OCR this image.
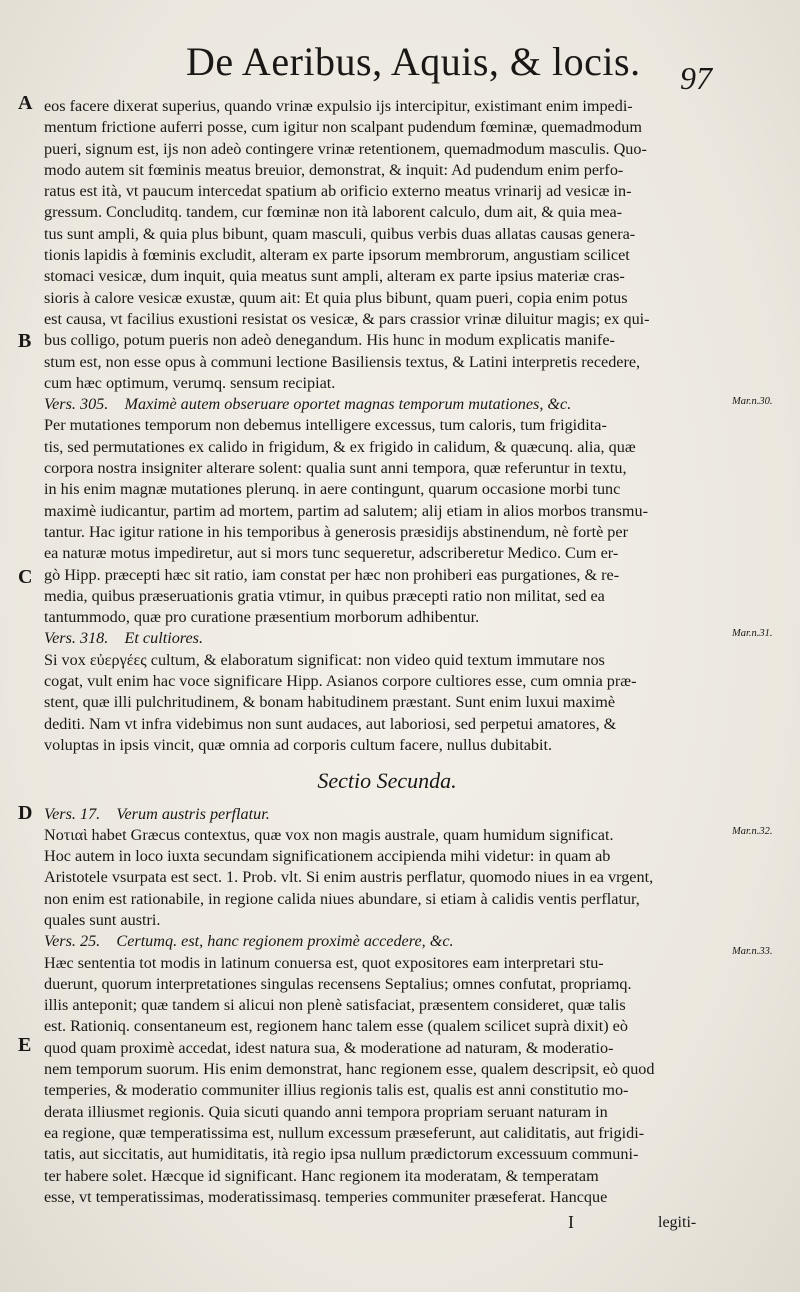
De Aeribus, Aquis, & locis. 97
A
B
C
D
E
Mar.n.30.
Mar.n.31.
Mar.n.32.
Mar.n.33.
eos facere dixerat superius, quando vrinæ expulsio ijs intercipitur, existimant enim impedi-
mentum frictione auferri posse, cum igitur non scalpant pudendum fœminæ, quemadmodum
pueri, signum est, ijs non adeò contingere vrinæ retentionem, quemadmodum masculis. Quo-
modo autem sit fœminis meatus breuior, demonstrat, & inquit: Ad pudendum enim perfo-
ratus est ità, vt paucum intercedat spatium ab orificio externo meatus vrinarij ad vesicæ in-
gressum. Concluditq. tandem, cur fœminæ non ità laborent calculo, dum ait, & quia mea-
tus sunt ampli, & quia plus bibunt, quam masculi, quibus verbis duas allatas causas genera-
tionis lapidis à fœminis excludit, alteram ex parte ipsorum membrorum, angustiam scilicet
stomaci vesicæ, dum inquit, quia meatus sunt ampli, alteram ex parte ipsius materiæ cras-
sioris à calore vesicæ exustæ, quum ait: Et quia plus bibunt, quam pueri, copia enim potus
est causa, vt facilius exustioni resistat os vesicæ, & pars crassior vrinæ diluitur magis; ex qui-
bus colligo, potum pueris non adeò denegandum. His hunc in modum explicatis manife-
stum est, non esse opus à communi lectione Basiliensis textus, & Latini interpretis recedere,
cum hæc optimum, verumq. sensum recipiat.
Vers. 305. Maximè autem obseruare oportet magnas temporum mutationes, &c.
Per mutationes temporum non debemus intelligere excessus, tum caloris, tum frigidita-
tis, sed permutationes ex calido in frigidum, & ex frigido in calidum, & quæcunq. alia, quæ
corpora nostra insigniter alterare solent: qualia sunt anni tempora, quæ referuntur in textu,
in his enim magnæ mutationes plerunq. in aere contingunt, quarum occasione morbi tunc
maximè iudicantur, partim ad mortem, partim ad salutem; alij etiam in alios morbos transmu-
tantur. Hac igitur ratione in his temporibus à generosis præsidijs abstinendum, nè fortè per
ea naturæ motus impediretur, aut si mors tunc sequeretur, adscriberetur Medico. Cum er-
gò Hipp. præcepti hæc sit ratio, iam constat per hæc non prohiberi eas purgationes, & re-
media, quibus præseruationis gratia vtimur, in quibus præcepti ratio non militat, sed ea
tantummodo, quæ pro curatione præsentium morborum adhibentur.
Vers. 318. Et cultiores.
Si vox εὐεργέες cultum, & elaboratum significat: non video quid textum immutare nos
cogat, vult enim hac voce significare Hipp. Asianos corpore cultiores esse, cum omnia præ-
stent, quæ illi pulchritudinem, & bonam habitudinem præstant. Sunt enim luxui maximè
dediti. Nam vt infra videbimus non sunt audaces, aut laboriosi, sed perpetui amatores, &
voluptas in ipsis vincit, quæ omnia ad corporis cultum facere, nullus dubitabit.
Sectio Secunda.
Vers. 17. Verum austris perflatur.
Νοτιαὶ habet Græcus contextus, quæ vox non magis australe, quam humidum significat.
Hoc autem in loco iuxta secundam significationem accipienda mihi videtur: in quam ab
Aristotele vsurpata est sect. 1. Prob. vlt. Si enim austris perflatur, quomodo niues in ea vrgent,
non enim est rationabile, in regione calida niues abundare, si etiam à calidis ventis perflatur,
quales sunt austri.
Vers. 25. Certumq. est, hanc regionem proximè accedere, &c.
Hæc sententia tot modis in latinum conuersa est, quot expositores eam interpretari stu-
duerunt, quorum interpretationes singulas recensens Septalius; omnes confutat, propriamq.
illis anteponit; quæ tandem si alicui non plenè satisfaciat, præsentem consideret, quæ talis
est. Rationiq. consentaneum est, regionem hanc talem esse (qualem scilicet suprà dixit) eò
quod quam proximè accedat, idest natura sua, & moderatione ad naturam, & moderatio-
nem temporum suorum. His enim demonstrat, hanc regionem esse, qualem descripsit, eò quod
temperies, & moderatio communiter illius regionis talis est, qualis est anni constitutio mo-
derata illiusmet regionis. Quia sicuti quando anni tempora propriam seruant naturam in
ea regione, quæ temperatissima est, nullum excessum præseferunt, aut caliditatis, aut frigidi-
tatis, aut siccitatis, aut humiditatis, ità regio ipsa nullum prædictorum excessuum communi-
ter habere solet. Hæcque id significant. Hanc regionem ita moderatam, & temperatam
esse, vt temperatissimas, moderatissimasq. temperies communiter præseferat. Hancque
I	legiti-
